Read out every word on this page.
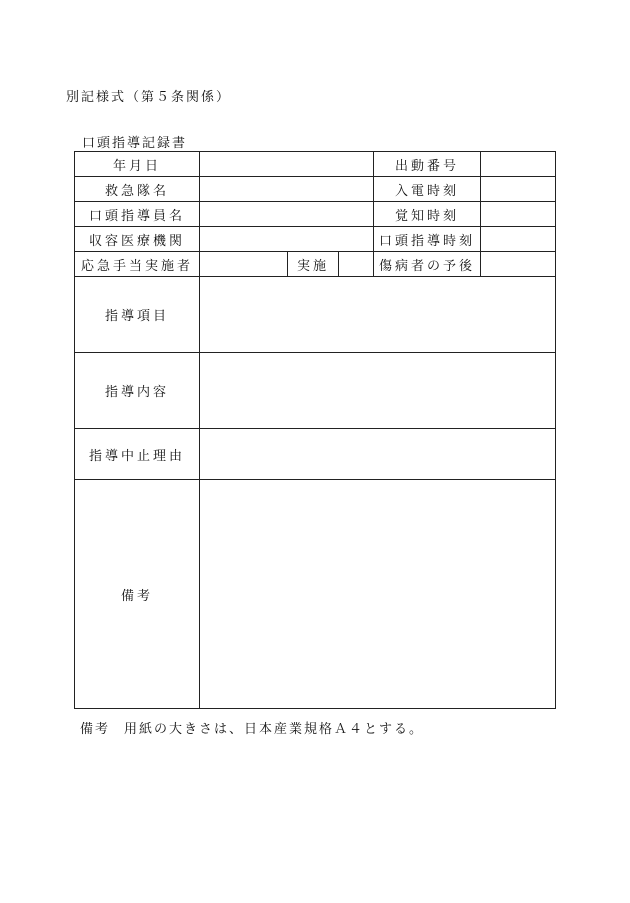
別記様式（第５条関係）
口頭指導記録書
年月日				出動番号	
救急隊名				入電時刻	
口頭指導員名				覚知時刻	
収容医療機関				口頭指導時刻	
応急手当実施者		実施		傷病者の予後	
指導項目					
指導内容					
指導中止理由					
備考					
備考 用紙の大きさは、日本産業規格Ａ４とする。
